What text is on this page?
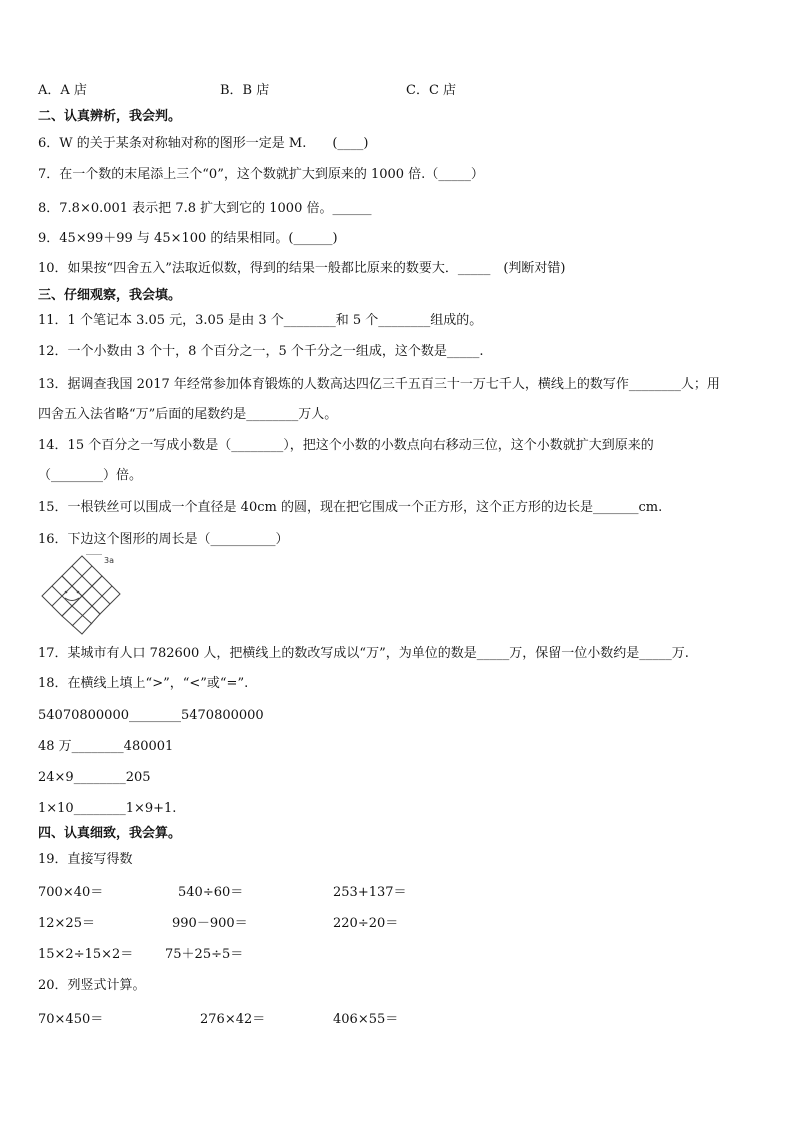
A．A 店	B．B 店	C．C 店
二、认真辨析，我会判。
6．W 的关于某条对称轴对称的图形一定是 M.　　(____)
7．在一个数的末尾添上三个“0”，这个数就扩大到原来的 1000 倍.（_____）
8．7.8×0.001 表示把 7.8 扩大到它的 1000 倍。______
9．45×99＋99 与 45×100 的结果相同。(______)
10．如果按“四舍五入”法取近似数，得到的结果一般都比原来的数要大．_____　(判断对错)
三、仔细观察，我会填。
11．1 个笔记本 3.05 元，3.05 是由 3 个________和 5 个________组成的。
12．一个小数由 3 个十，8 个百分之一，5 个千分之一组成，这个数是_____.
13．据调查我国 2017 年经常参加体育锻炼的人数高达四亿三千五百三十一万七千人，横线上的数写作________人；用
四舍五入法省略“万”后面的尾数约是________万人。
14．15 个百分之一写成小数是（________），把这个小数的小数点向右移动三位，这个小数就扩大到原来的
（________）倍。
15．一根铁丝可以围成一个直径是 40cm 的圆，现在把它围成一个正方形，这个正方形的边长是_______cm.
16．下边这个图形的周长是（__________）
3a
17．某城市有人口 782600 人，把横线上的数改写成以“万”，为单位的数是_____万，保留一位小数约是_____万.
18．在横线上填上“>”，“<”或“=”.
54070800000________5470800000
48 万________480001
24×9________205
1×10________1×9+1.
四、认真细致，我会算。
19．直接写得数
700×40＝	540÷60＝	253+137＝
12×25＝	990－900＝	220÷20＝
15×2÷15×2＝ 75＋25÷5＝
20．列竖式计算。
70×450＝	276×42＝	406×55＝
